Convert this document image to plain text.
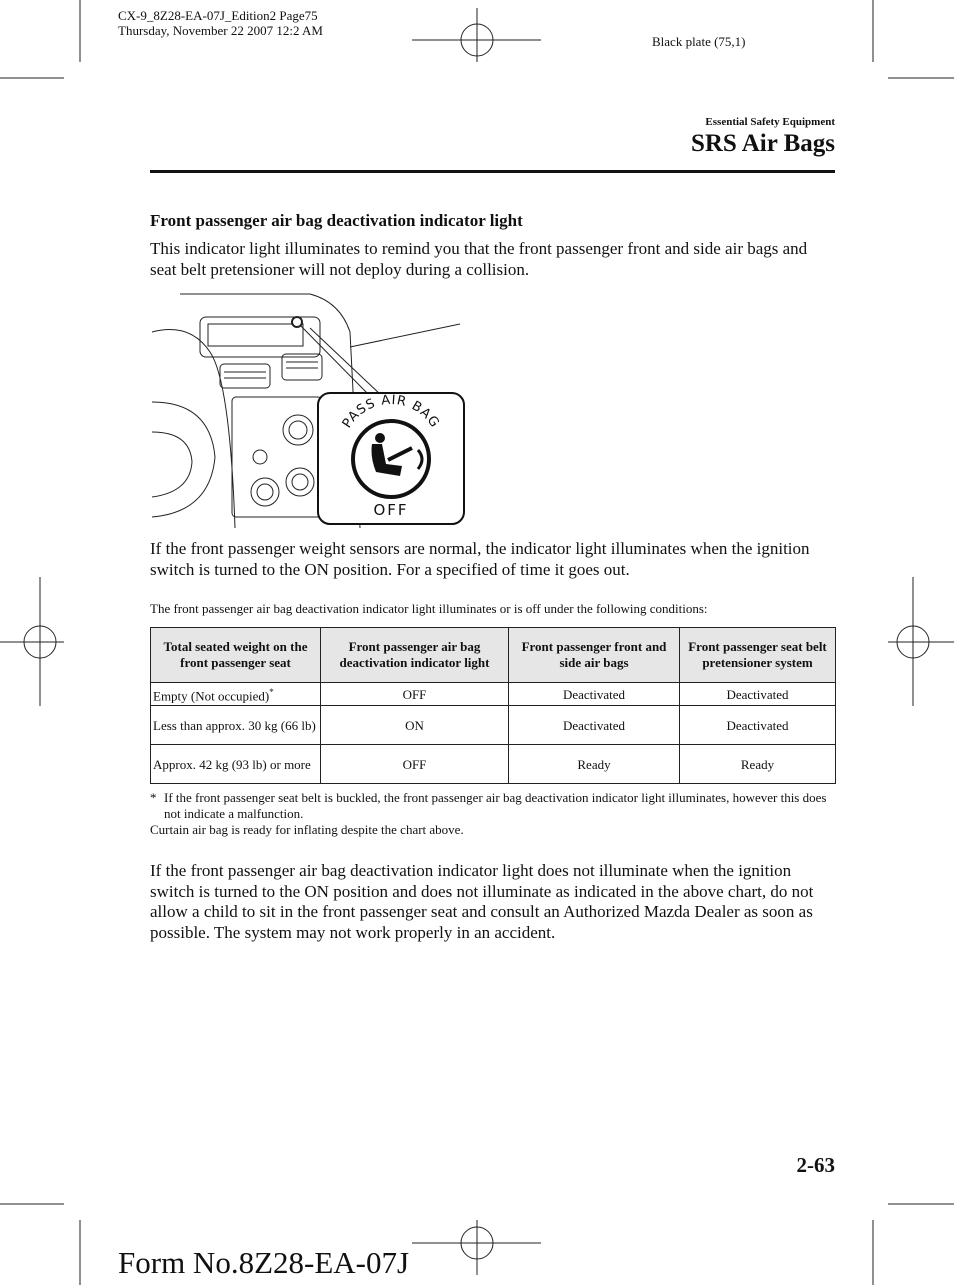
CX-9_8Z28-EA-07J_Edition2 Page75
Thursday, November 22 2007 12:2 AM
Black plate (75,1)
Essential Safety Equipment
SRS Air Bags
Front passenger air bag deactivation indicator light
This indicator light illuminates to remind you that the front passenger front and side air bags and seat belt pretensioner will not deploy during a collision.
PASS AIR BAG
OFF
If the front passenger weight sensors are normal, the indicator light illuminates when the ignition switch is turned to the ON position. For a specified of time it goes out.
The front passenger air bag deactivation indicator light illuminates or is off under the following conditions:
Total seated weight on the front passenger seat	Front passenger air bag deactivation indicator light	Front passenger front and side air bags	Front passenger seat belt pretensioner system
Empty (Not occupied)*	OFF	Deactivated	Deactivated
Less than approx. 30 kg (66 lb)	ON	Deactivated	Deactivated
Approx. 42 kg (93 lb) or more	OFF	Ready	Ready
* If the front passenger seat belt is buckled, the front passenger air bag deactivation indicator light illuminates, however this does not indicate a malfunction.
Curtain air bag is ready for inflating despite the chart above.
If the front passenger air bag deactivation indicator light does not illuminate when the ignition switch is turned to the ON position and does not illuminate as indicated in the above chart, do not allow a child to sit in the front passenger seat and consult an Authorized Mazda Dealer as soon as possible. The system may not work properly in an accident.
2-63
Form No.8Z28-EA-07J
